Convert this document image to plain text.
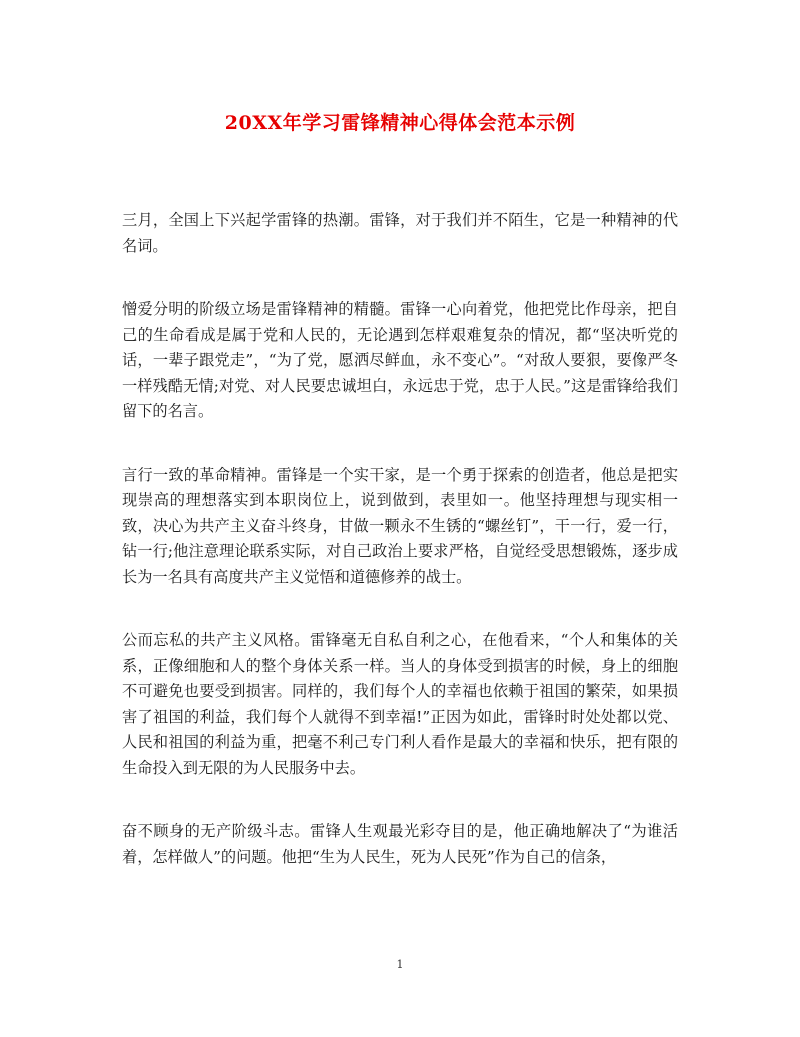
20XX年学习雷锋精神心得体会范本示例

三月，全国上下兴起学雷锋的热潮。雷锋，对于我们并不陌生，它是一种精神的代名词。

憎爱分明的阶级立场是雷锋精神的精髓。雷锋一心向着党，他把党比作母亲，把自己的生命看成是属于党和人民的，无论遇到怎样艰难复杂的情况，都“坚决听党的话，一辈子跟党走”，“为了党，愿洒尽鲜血，永不变心”。“对敌人要狠，要像严冬一样残酷无情;对党、对人民要忠诚坦白，永远忠于党，忠于人民。”这是雷锋给我们留下的名言。

言行一致的革命精神。雷锋是一个实干家，是一个勇于探索的创造者，他总是把实现崇高的理想落实到本职岗位上，说到做到，表里如一。他坚持理想与现实相一致，决心为共产主义奋斗终身，甘做一颗永不生锈的“螺丝钉”，干一行，爱一行，钻一行;他注意理论联系实际，对自己政治上要求严格，自觉经受思想锻炼，逐步成长为一名具有高度共产主义觉悟和道德修养的战士。

公而忘私的共产主义风格。雷锋毫无自私自利之心，在他看来，“个人和集体的关系，正像细胞和人的整个身体关系一样。当人的身体受到损害的时候，身上的细胞不可避免也要受到损害。同样的，我们每个人的幸福也依赖于祖国的繁荣，如果损害了祖国的利益，我们每个人就得不到幸福!”正因为如此，雷锋时时处处都以党、人民和祖国的利益为重，把毫不利己专门利人看作是最大的幸福和快乐，把有限的生命投入到无限的为人民服务中去。

奋不顾身的无产阶级斗志。雷锋人生观最光彩夺目的是，他正确地解决了“为谁活着，怎样做人”的问题。他把“生为人民生，死为人民死”作为自己的信条，

1
